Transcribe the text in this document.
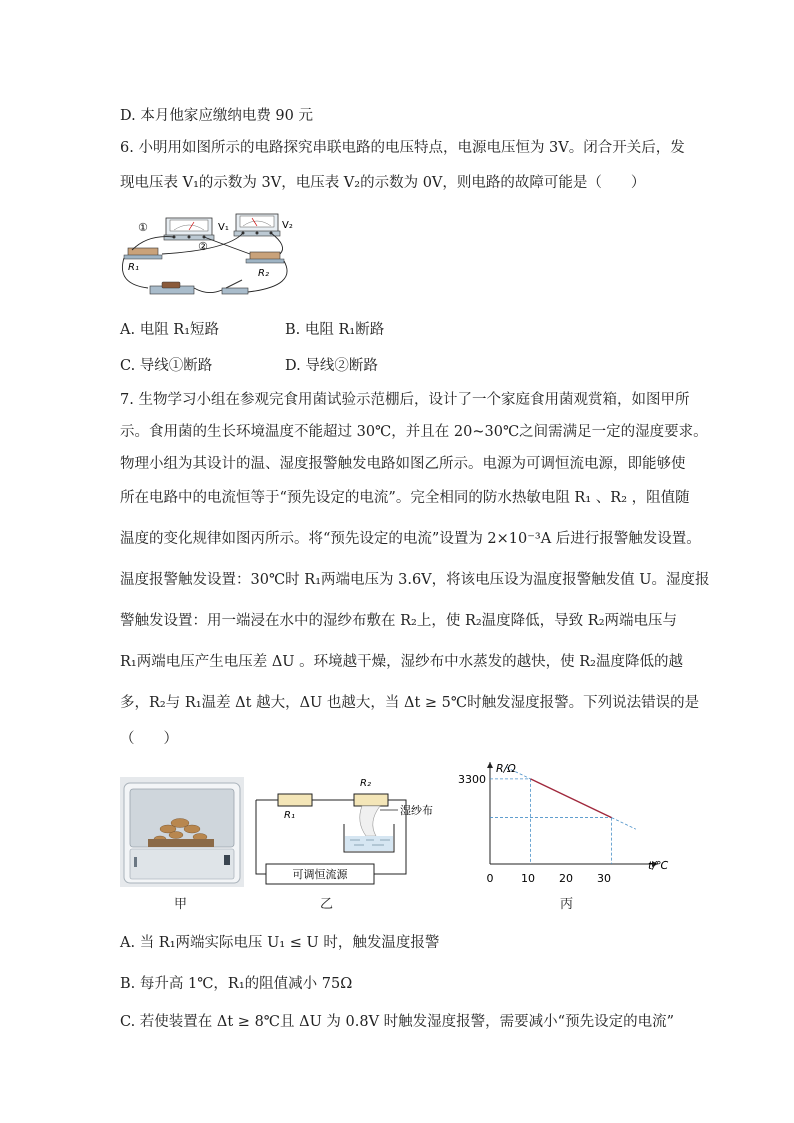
D. 本月他家应缴纳电费 90 元
6. 小明用如图所示的电路探究串联电路的电压特点，电源电压恒为 3V。闭合开关后，发
现电压表 V₁的示数为 3V，电压表 V₂的示数为 0V，则电路的故障可能是（　　）
V₁	V₂
R₁
R₂
①
②
A. 电阻 R₁短路	B. 电阻 R₁断路
C. 导线①断路	D. 导线②断路
7. 生物学习小组在参观完食用菌试验示范棚后，设计了一个家庭食用菌观赏箱，如图甲所
示。食用菌的生长环境温度不能超过 30℃，并且在 20~30℃之间需满足一定的湿度要求。
物理小组为其设计的温、湿度报警触发电路如图乙所示。电源为可调恒流电源，即能够使
所在电路中的电流恒等于“预先设定的电流”。完全相同的防水热敏电阻 R₁ 、R₂ ，阻值随
温度的变化规律如图丙所示。将“预先设定的电流”设置为 2×10⁻³A 后进行报警触发设置。
温度报警触发设置：30℃时 R₁两端电压为 3.6V，将该电压设为温度报警触发值 U。湿度报
警触发设置：用一端浸在水中的湿纱布敷在 R₂上，使 R₂温度降低，导致 R₂两端电压与
R₁两端电压产生电压差 ΔU 。环境越干燥，湿纱布中水蒸发的越快，使 R₂温度降低的越
多，R₂与 R₁温差 Δt 越大，ΔU 也越大，当 Δt ≥ 5℃时触发湿度报警。下列说法错误的是
（　　）
甲
R₁
R₂
湿纱布
可调恒流源
乙
R/Ω
t/℃
3300
0	10 20 30
丙
A. 当 R₁两端实际电压 U₁ ≤ U 时，触发温度报警
B. 每升高 1℃，R₁的阻值减小 75Ω
C. 若使装置在 Δt ≥ 8℃且 ΔU 为 0.8V 时触发湿度报警，需要减小“预先设定的电流”
